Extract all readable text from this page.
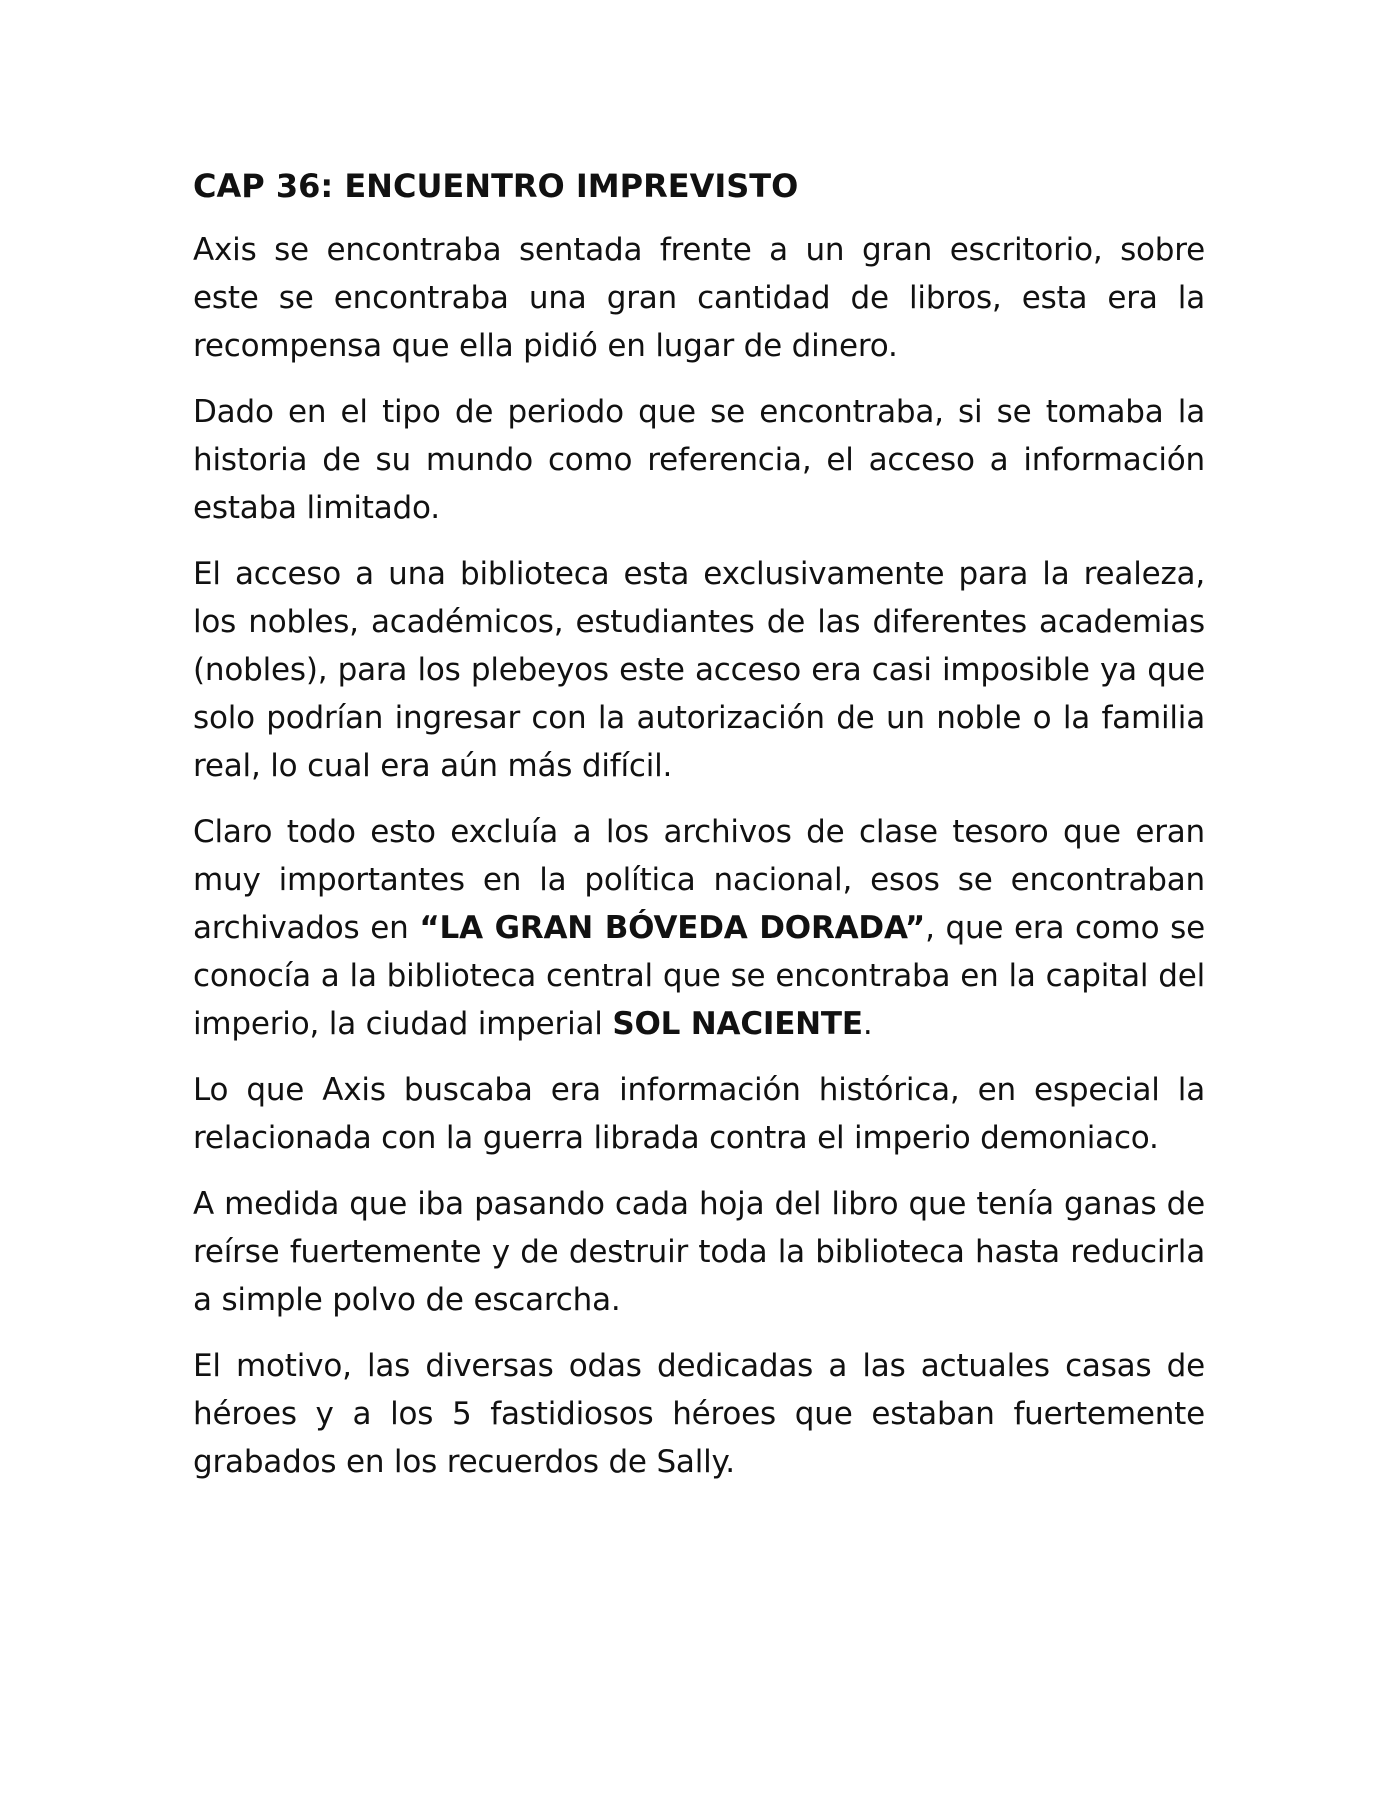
CAP 36: ENCUENTRO IMPREVISTO

Axis se encontraba sentada frente a un gran escritorio, sobre este se encontraba una gran cantidad de libros, esta era la recompensa que ella pidió en lugar de dinero.

Dado en el tipo de periodo que se encontraba, si se tomaba la historia de su mundo como referencia, el acceso a información estaba limitado.

El acceso a una biblioteca esta exclusivamente para la realeza, los nobles, académicos, estudiantes de las diferentes academias (nobles), para los plebeyos este acceso era casi imposible ya que solo podrían ingresar con la autorización de un noble o la familia real, lo cual era aún más difícil.

Claro todo esto excluía a los archivos de clase tesoro que eran muy importantes en la política nacional, esos se encontraban archivados en “LA GRAN BÓVEDA DORADA”, que era como se conocía a la biblioteca central que se encontraba en la capital del imperio, la ciudad imperial SOL NACIENTE.

Lo que Axis buscaba era información histórica, en especial la relacionada con la guerra librada contra el imperio demoniaco.

A medida que iba pasando cada hoja del libro que tenía ganas de reírse fuertemente y de destruir toda la biblioteca hasta reducirla a simple polvo de escarcha.

El motivo, las diversas odas dedicadas a las actuales casas de héroes y a los 5 fastidiosos héroes que estaban fuertemente grabados en los recuerdos de Sally.
